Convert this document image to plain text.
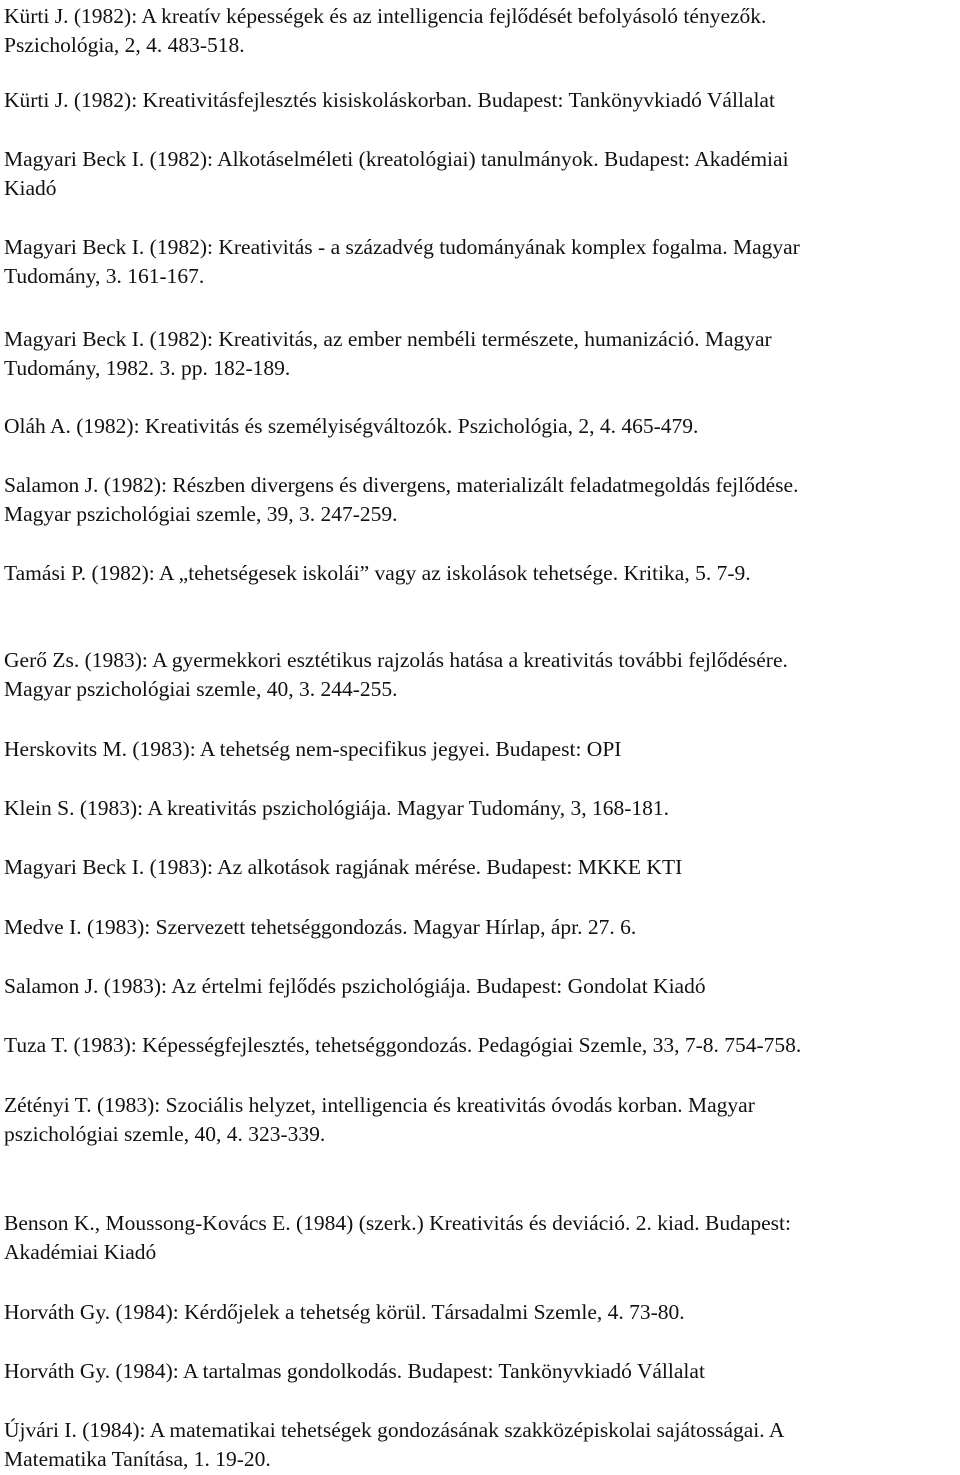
Kürti J. (1982): A kreatív képességek és az intelligencia fejlődését befolyásoló tényezők.
Pszichológia, 2, 4. 483-518.

Kürti J. (1982): Kreativitásfejlesztés kisiskoláskorban. Budapest: Tankönyvkiadó Vállalat

Magyari Beck I. (1982): Alkotáselméleti (kreatológiai) tanulmányok. Budapest: Akadémiai
Kiadó

Magyari Beck I. (1982): Kreativitás - a századvég tudományának komplex fogalma. Magyar
Tudomány, 3. 161-167.

Magyari Beck I. (1982): Kreativitás, az ember nembéli természete, humanizáció. Magyar
Tudomány, 1982. 3. pp. 182-189.

Oláh A. (1982): Kreativitás és személyiségváltozók. Pszichológia, 2, 4. 465-479.

Salamon J. (1982): Részben divergens és divergens, materializált feladatmegoldás fejlődése.
Magyar pszichológiai szemle, 39, 3. 247-259.

Tamási P. (1982): A „tehetségesek iskolái” vagy az iskolások tehetsége. Kritika, 5. 7-9.

Gerő Zs. (1983): A gyermekkori esztétikus rajzolás hatása a kreativitás további fejlődésére.
Magyar pszichológiai szemle, 40, 3. 244-255.

Herskovits M. (1983): A tehetség nem-specifikus jegyei. Budapest: OPI

Klein S. (1983): A kreativitás pszichológiája. Magyar Tudomány, 3, 168-181.

Magyari Beck I. (1983): Az alkotások ragjának mérése. Budapest: MKKE KTI

Medve I. (1983): Szervezett tehetséggondozás. Magyar Hírlap, ápr. 27. 6.

Salamon J. (1983): Az értelmi fejlődés pszichológiája. Budapest: Gondolat Kiadó

Tuza T. (1983): Képességfejlesztés, tehetséggondozás. Pedagógiai Szemle, 33, 7-8. 754-758.

Zétényi T. (1983): Szociális helyzet, intelligencia és kreativitás óvodás korban. Magyar
pszichológiai szemle, 40, 4. 323-339.

Benson K., Moussong-Kovács E. (1984) (szerk.) Kreativitás és deviáció. 2. kiad. Budapest:
Akadémiai Kiadó

Horváth Gy. (1984): Kérdőjelek a tehetség körül. Társadalmi Szemle, 4. 73-80.

Horváth Gy. (1984): A tartalmas gondolkodás. Budapest: Tankönyvkiadó Vállalat

Újvári I. (1984): A matematikai tehetségek gondozásának szakközépiskolai sajátosságai. A
Matematika Tanítása, 1. 19-20.
